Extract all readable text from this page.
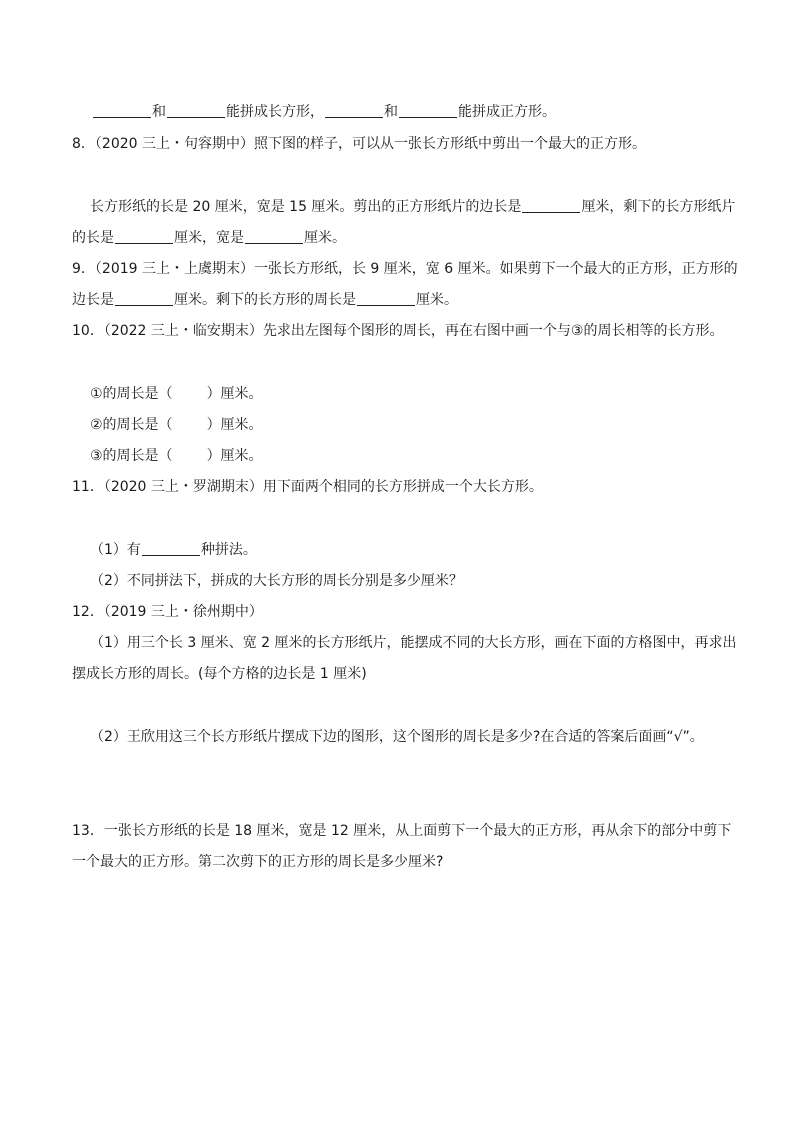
和	能拼成长方形，	和	能拼成正方形。
8．（2020 三上・句容期中）照下图的样子，可以从一张长方形纸中剪出一个最大的正方形。
长方形纸的长是 20 厘米，宽是 15 厘米。剪出的正方形纸片的边长是	厘米，剩下的长方形纸片
的长是	厘米，宽是	厘米。
9．（2019 三上・上虞期末）一张长方形纸，长 9 厘米，宽 6 厘米。如果剪下一个最大的正方形，正方形的
边长是	厘米。剩下的长方形的周长是	厘米。
10．（2022 三上・临安期末）先求出左图每个图形的周长，再在右图中画一个与③的周长相等的长方形。
①的周长是（ ）厘米。
②的周长是（ ）厘米。
③的周长是（ ）厘米。
11．（2020 三上・罗湖期末）用下面两个相同的长方形拼成一个大长方形。
（1）有	种拼法。
（2）不同拼法下，拼成的大长方形的周长分别是多少厘米？
12．（2019 三上・徐州期中）
（1）用三个长 3 厘米、宽 2 厘米的长方形纸片，能摆成不同的大长方形，画在下面的方格图中，再求出
摆成长方形的周长。(每个方格的边长是 1 厘米)
（2）王欣用这三个长方形纸片摆成下边的图形，这个图形的周长是多少?在合适的答案后面画“√”。
13．一张长方形纸的长是 18 厘米，宽是 12 厘米，从上面剪下一个最大的正方形，再从余下的部分中剪下
一个最大的正方形。第二次剪下的正方形的周长是多少厘米?
